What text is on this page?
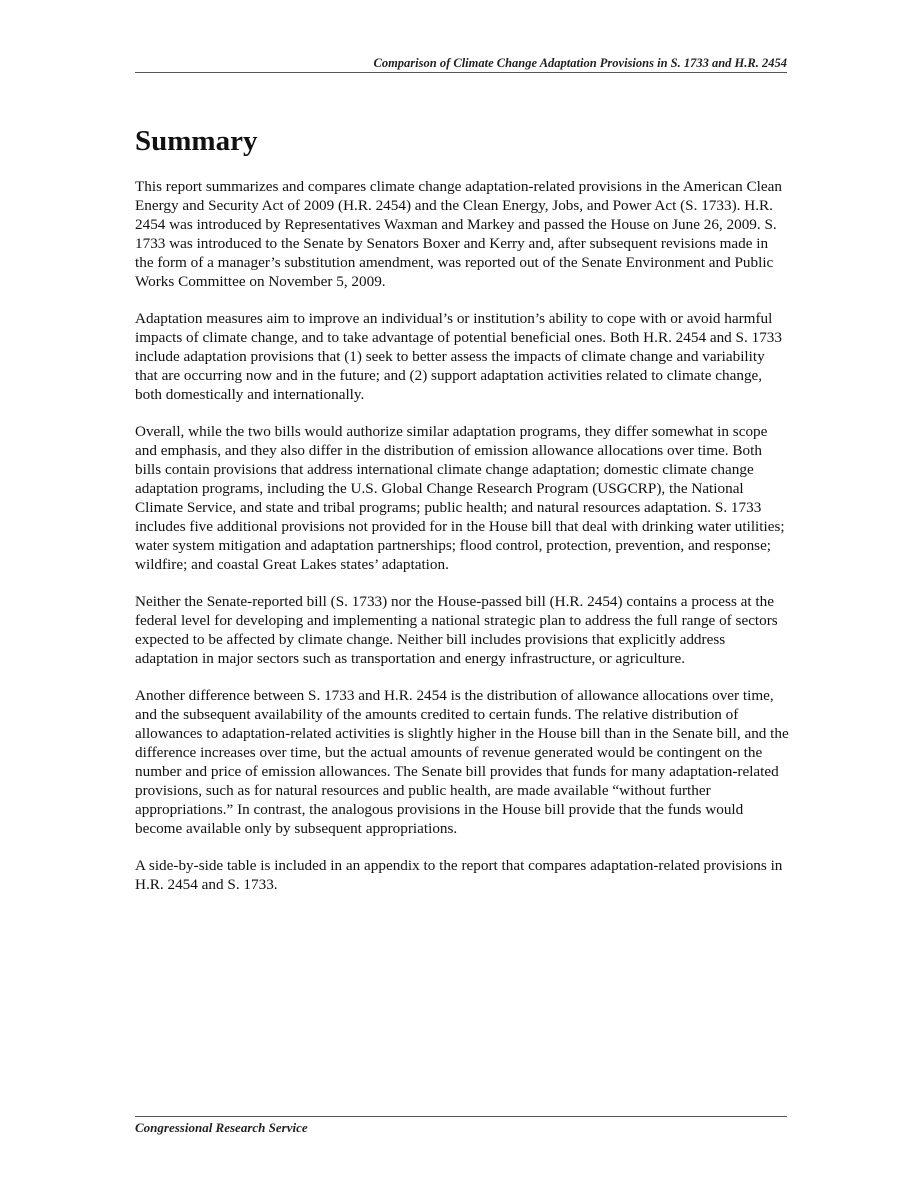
Comparison of Climate Change Adaptation Provisions in S. 1733 and H.R. 2454
Summary

This report summarizes and compares climate change adaptation-related provisions in the American Clean Energy and Security Act of 2009 (H.R. 2454) and the Clean Energy, Jobs, and Power Act (S. 1733). H.R. 2454 was introduced by Representatives Waxman and Markey and passed the House on June 26, 2009. S. 1733 was introduced to the Senate by Senators Boxer and Kerry and, after subsequent revisions made in the form of a manager’s substitution amendment, was reported out of the Senate Environment and Public Works Committee on November 5, 2009.

Adaptation measures aim to improve an individual’s or institution’s ability to cope with or avoid harmful impacts of climate change, and to take advantage of potential beneficial ones. Both H.R. 2454 and S. 1733 include adaptation provisions that (1) seek to better assess the impacts of climate change and variability that are occurring now and in the future; and (2) support adaptation activities related to climate change, both domestically and internationally.

Overall, while the two bills would authorize similar adaptation programs, they differ somewhat in scope and emphasis, and they also differ in the distribution of emission allowance allocations over time. Both bills contain provisions that address international climate change adaptation; domestic climate change adaptation programs, including the U.S. Global Change Research Program (USGCRP), the National Climate Service, and state and tribal programs; public health; and natural resources adaptation. S. 1733 includes five additional provisions not provided for in the House bill that deal with drinking water utilities; water system mitigation and adaptation partnerships; flood control, protection, prevention, and response; wildfire; and coastal Great Lakes states’ adaptation.

Neither the Senate-reported bill (S. 1733) nor the House-passed bill (H.R. 2454) contains a process at the federal level for developing and implementing a national strategic plan to address the full range of sectors expected to be affected by climate change. Neither bill includes provisions that explicitly address adaptation in major sectors such as transportation and energy infrastructure, or agriculture.

Another difference between S. 1733 and H.R. 2454 is the distribution of allowance allocations over time, and the subsequent availability of the amounts credited to certain funds. The relative distribution of allowances to adaptation-related activities is slightly higher in the House bill than in the Senate bill, and the difference increases over time, but the actual amounts of revenue generated would be contingent on the number and price of emission allowances. The Senate bill provides that funds for many adaptation-related provisions, such as for natural resources and public health, are made available “without further appropriations.” In contrast, the analogous provisions in the House bill provide that the funds would become available only by subsequent appropriations.

A side-by-side table is included in an appendix to the report that compares adaptation-related provisions in H.R. 2454 and S. 1733.

Congressional Research Service
